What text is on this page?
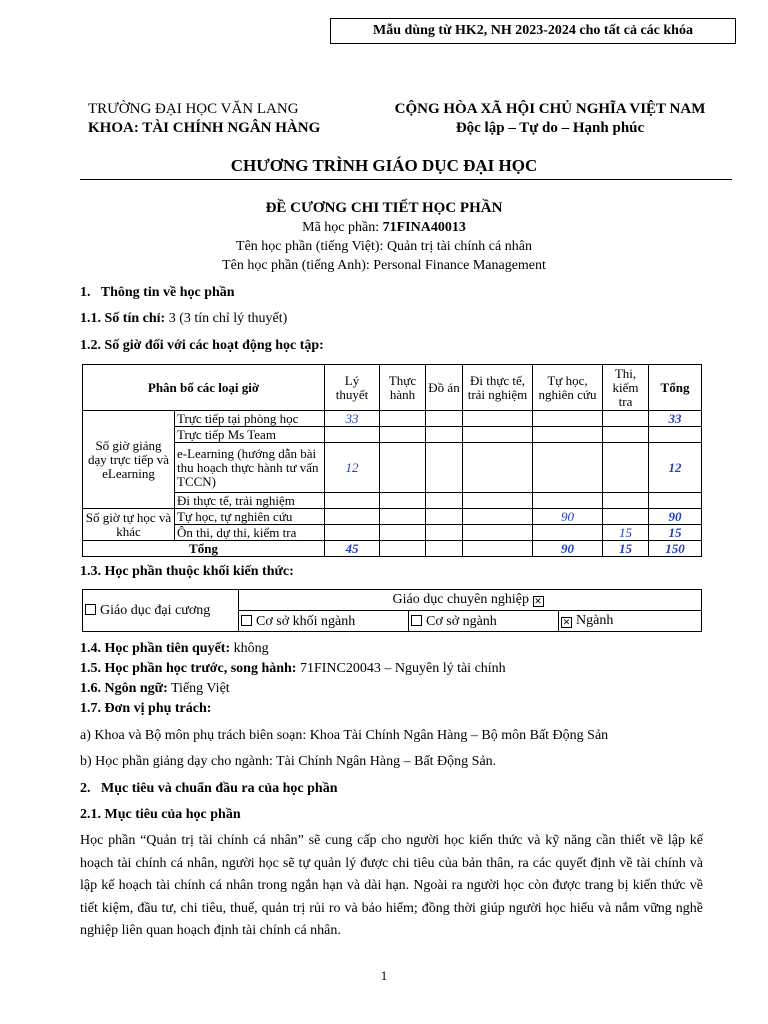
Mẫu dùng từ HK2, NH 2023-2024 cho tất cả các khóa
TRƯỜNG ĐẠI HỌC VĂN LANG
KHOA: TÀI CHÍNH NGÂN HÀNG
CỘNG HÒA XÃ HỘI CHỦ NGHĨA VIỆT NAM
Độc lập – Tự do – Hạnh phúc
CHƯƠNG TRÌNH GIÁO DỤC ĐẠI HỌC
ĐỀ CƯƠNG CHI TIẾT HỌC PHẦN
Mã học phần: 71FINA40013
Tên học phần (tiếng Việt): Quản trị tài chính cá nhân
Tên học phần (tiếng Anh): Personal Finance Management
1.   Thông tin về học phần
1.1. Số tín chỉ: 3 (3 tín chỉ lý thuyết)
1.2. Số giờ đối với các hoạt động học tập:
Phân bố các loại giờ		Lý thuyết	Thực hành	Đồ án	Đi thực tế, trải nghiệm	Tự học, nghiên cứu	Thi, kiểm tra	Tổng
Số giờ giảng dạy trực tiếp và eLearning	Trực tiếp tại phòng học	33						33
	Trực tiếp Ms Team							
	e-Learning (hướng dẫn bài thu hoạch thực hành tư vấn TCCN)	12						12
	Đi thực tế, trải nghiệm							
Số giờ tự học và khác	Tự học, tự nghiên cứu					90		90
	Ôn thi, dự thi, kiểm tra						15	15
Tổng		45				90	15	150
1.3. Học phần thuộc khối kiến thức:
Giáo dục đại cương	Giáo dục chuyên nghiệp ✕		
	Cơ sở khối ngành	Cơ sở ngành	✕ Ngành
1.4. Học phần tiên quyết: không
1.5. Học phần học trước, song hành: 71FINC20043 – Nguyên lý tài chính
1.6. Ngôn ngữ: Tiếng Việt
1.7. Đơn vị phụ trách:
a) Khoa và Bộ môn phụ trách biên soạn: Khoa Tài Chính Ngân Hàng – Bộ môn Bất Động Sản
b) Học phần giảng dạy cho ngành: Tài Chính Ngân Hàng – Bất Động Sản.
2.   Mục tiêu và chuẩn đầu ra của học phần
2.1. Mục tiêu của học phần
Học phần “Quản trị tài chính cá nhân” sẽ cung cấp cho người học kiến thức và kỹ năng cần thiết về lập kế hoạch tài chính cá nhân, người học sẽ tự quản lý được chi tiêu của bản thân, ra các quyết định về tài chính và lập kế hoạch tài chính cá nhân trong ngắn hạn và dài hạn. Ngoài ra người học còn được trang bị kiến thức về tiết kiệm, đầu tư, chi tiêu, thuế, quản trị rủi ro và bảo hiểm; đồng thời giúp người học hiểu và nắm vững nghề nghiệp liên quan hoạch định tài chính cá nhân.
1
